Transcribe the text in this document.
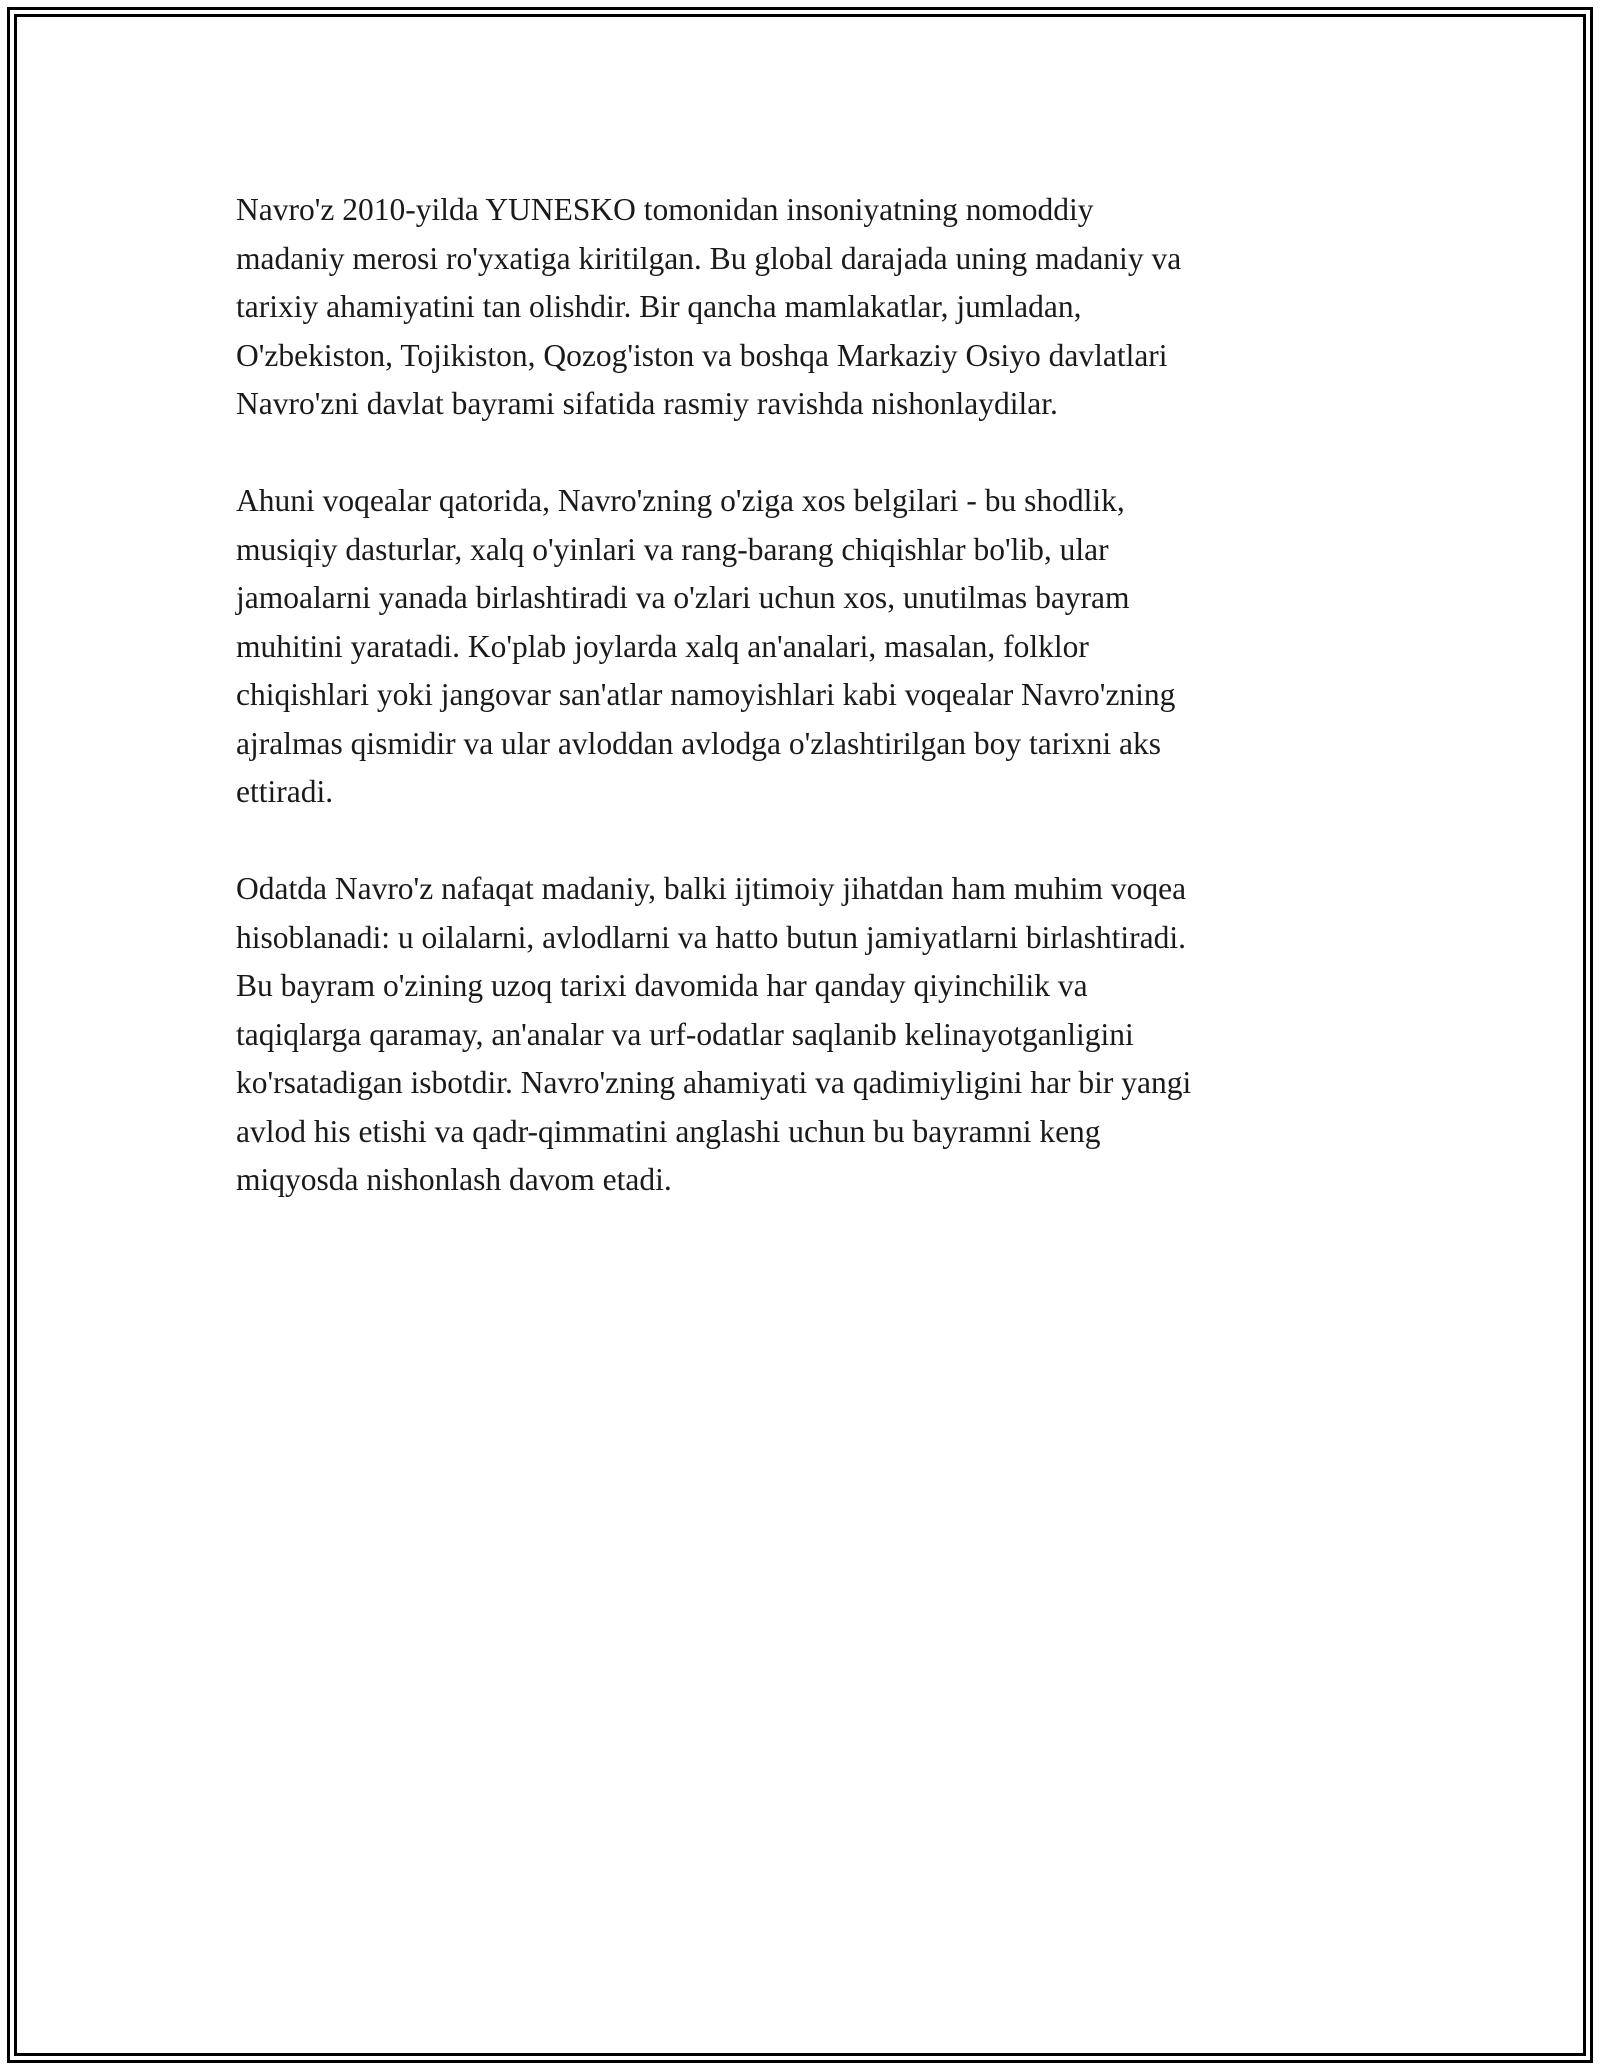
Navro'z 2010-yilda YUNESKO tomonidan insoniyatning nomoddiy
madaniy merosi ro'yxatiga kiritilgan. Bu global darajada uning madaniy va
tarixiy ahamiyatini tan olishdir. Bir qancha mamlakatlar, jumladan,
O'zbekiston, Tojikiston, Qozog'iston va boshqa Markaziy Osiyo davlatlari
Navro'zni davlat bayrami sifatida rasmiy ravishda nishonlaydilar.

Ahuni voqealar qatorida, Navro'zning o'ziga xos belgilari - bu shodlik,
musiqiy dasturlar, xalq o'yinlari va rang-barang chiqishlar bo'lib, ular
jamoalarni yanada birlashtiradi va o'zlari uchun xos, unutilmas bayram
muhitini yaratadi. Ko'plab joylarda xalq an'analari, masalan, folklor
chiqishlari yoki jangovar san'atlar namoyishlari kabi voqealar Navro'zning
ajralmas qismidir va ular avloddan avlodga o'zlashtirilgan boy tarixni aks
ettiradi.

Odatda Navro'z nafaqat madaniy, balki ijtimoiy jihatdan ham muhim voqea
hisoblanadi: u oilalarni, avlodlarni va hatto butun jamiyatlarni birlashtiradi.
Bu bayram o'zining uzoq tarixi davomida har qanday qiyinchilik va
taqiqlarga qaramay, an'analar va urf-odatlar saqlanib kelinayotganligini
ko'rsatadigan isbotdir. Navro'zning ahamiyati va qadimiyligini har bir yangi
avlod his etishi va qadr-qimmatini anglashi uchun bu bayramni keng
miqyosda nishonlash davom etadi.
